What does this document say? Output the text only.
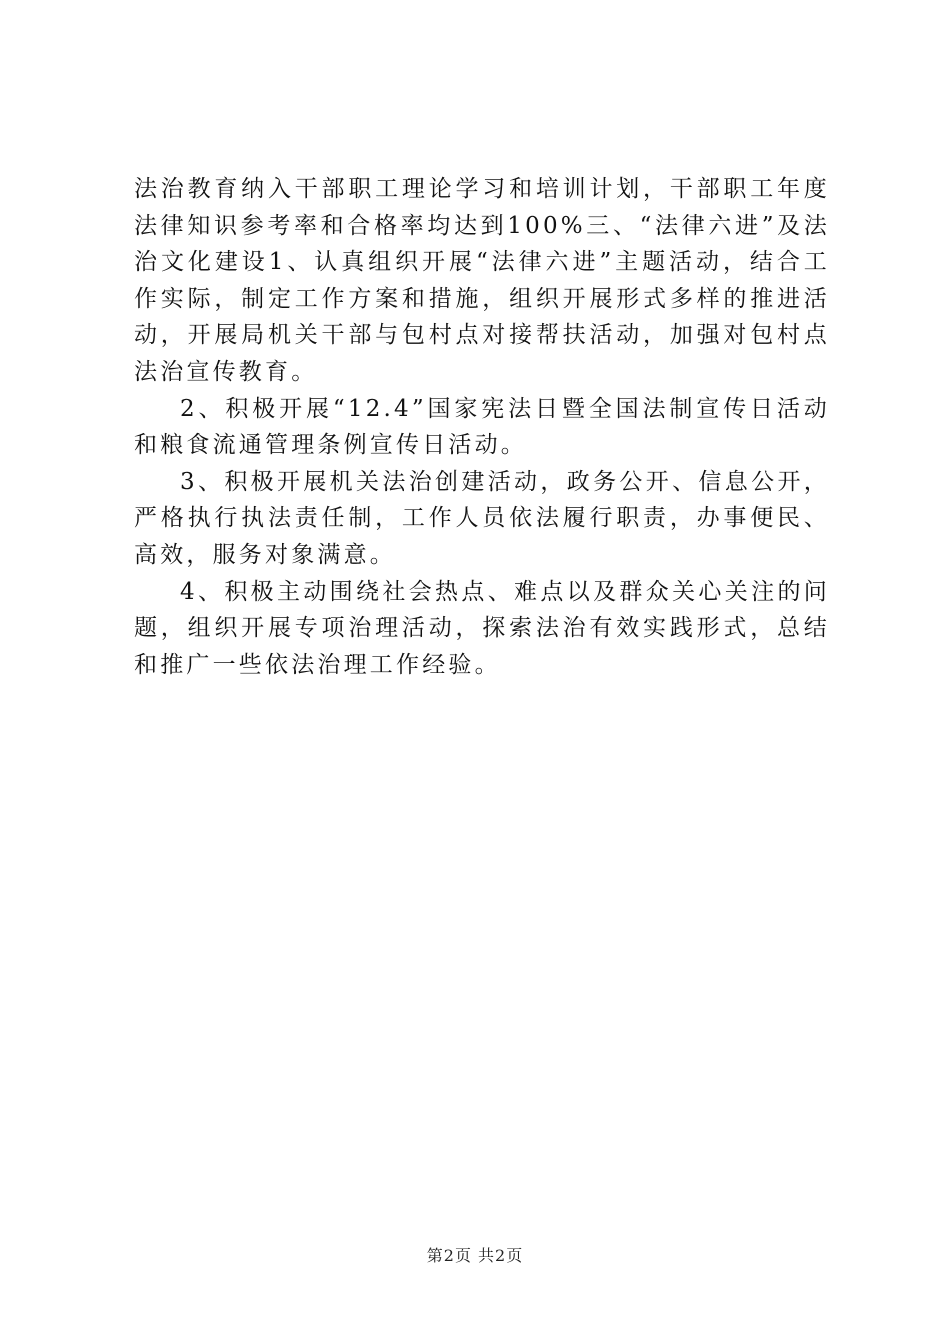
法治教育纳入干部职工理论学习和培训计划，干部职工年度法律知识参考率和合格率均达到100%三、“法律六进”及法治文化建设1、认真组织开展“法律六进”主题活动，结合工作实际，制定工作方案和措施，组织开展形式多样的推进活动，开展局机关干部与包村点对接帮扶活动，加强对包村点法治宣传教育。

2、积极开展“12.4”国家宪法日暨全国法制宣传日活动和粮食流通管理条例宣传日活动。

3、积极开展机关法治创建活动，政务公开、信息公开，严格执行执法责任制，工作人员依法履行职责，办事便民、高效，服务对象满意。

4、积极主动围绕社会热点、难点以及群众关心关注的问题，组织开展专项治理活动，探索法治有效实践形式，总结和推广一些依法治理工作经验。

第2页 共2页
